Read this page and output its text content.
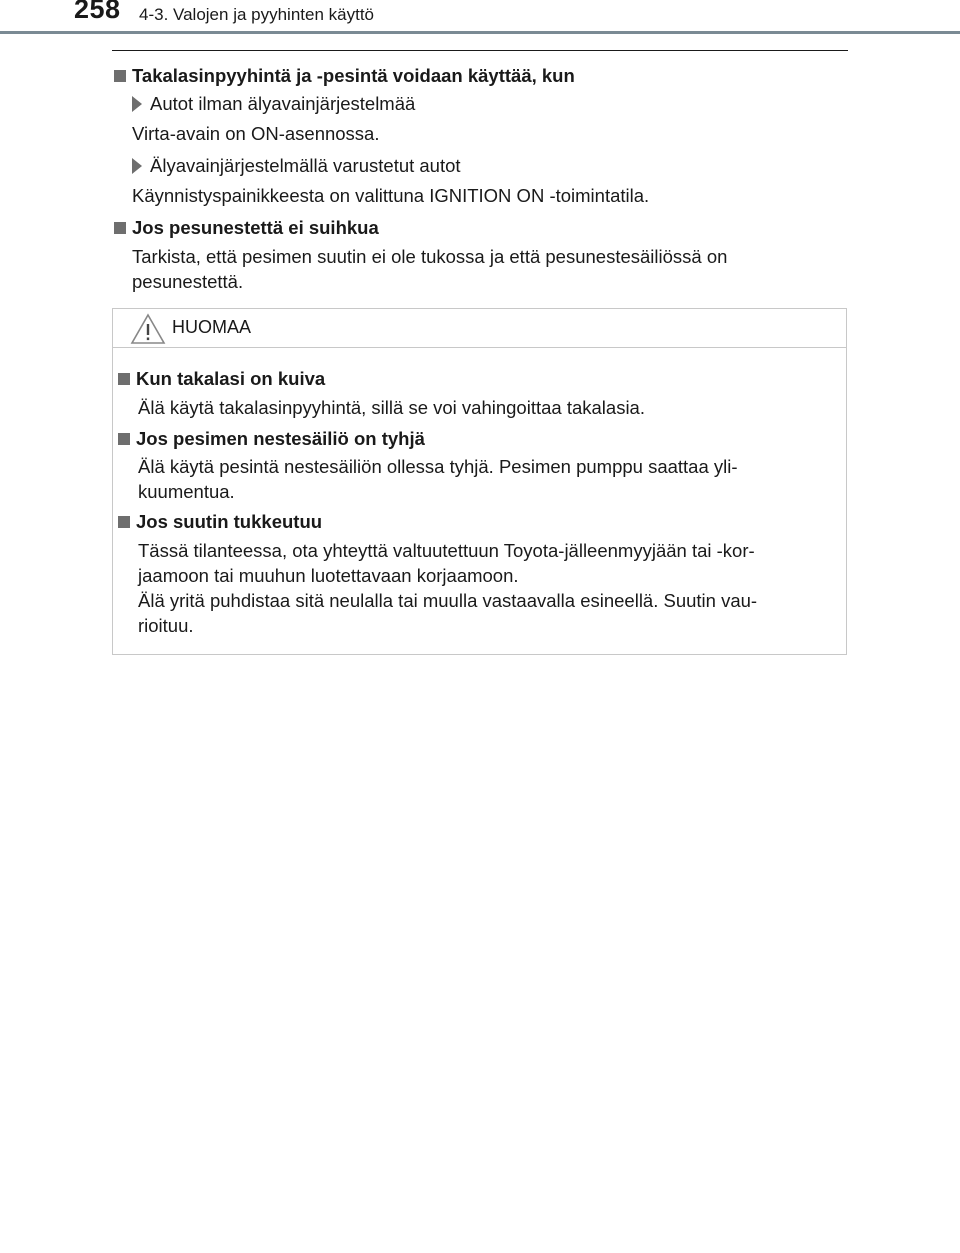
258 4-3. Valojen ja pyyhinten käyttö
Takalasinpyyhintä ja -pesintä voidaan käyttää, kun
Autot ilman älyavainjärjestelmää
Virta-avain on ON-asennossa.
Älyavainjärjestelmällä varustetut autot
Käynnistyspainikkeesta on valittuna IGNITION ON -toimintatila.
Jos pesunestettä ei suihkua
Tarkista, että pesimen suutin ei ole tukossa ja että pesunestesäiliössä on
pesunestettä.
HUOMAA
Kun takalasi on kuiva
Älä käytä takalasinpyyhintä, sillä se voi vahingoittaa takalasia.
Jos pesimen nestesäiliö on tyhjä
Älä käytä pesintä nestesäiliön ollessa tyhjä. Pesimen pumppu saattaa yli-
kuumentua.
Jos suutin tukkeutuu
Tässä tilanteessa, ota yhteyttä valtuutettuun Toyota-jälleenmyyjään tai -kor-
jaamoon tai muuhun luotettavaan korjaamoon.
Älä yritä puhdistaa sitä neulalla tai muulla vastaavalla esineellä. Suutin vau-
rioituu.
